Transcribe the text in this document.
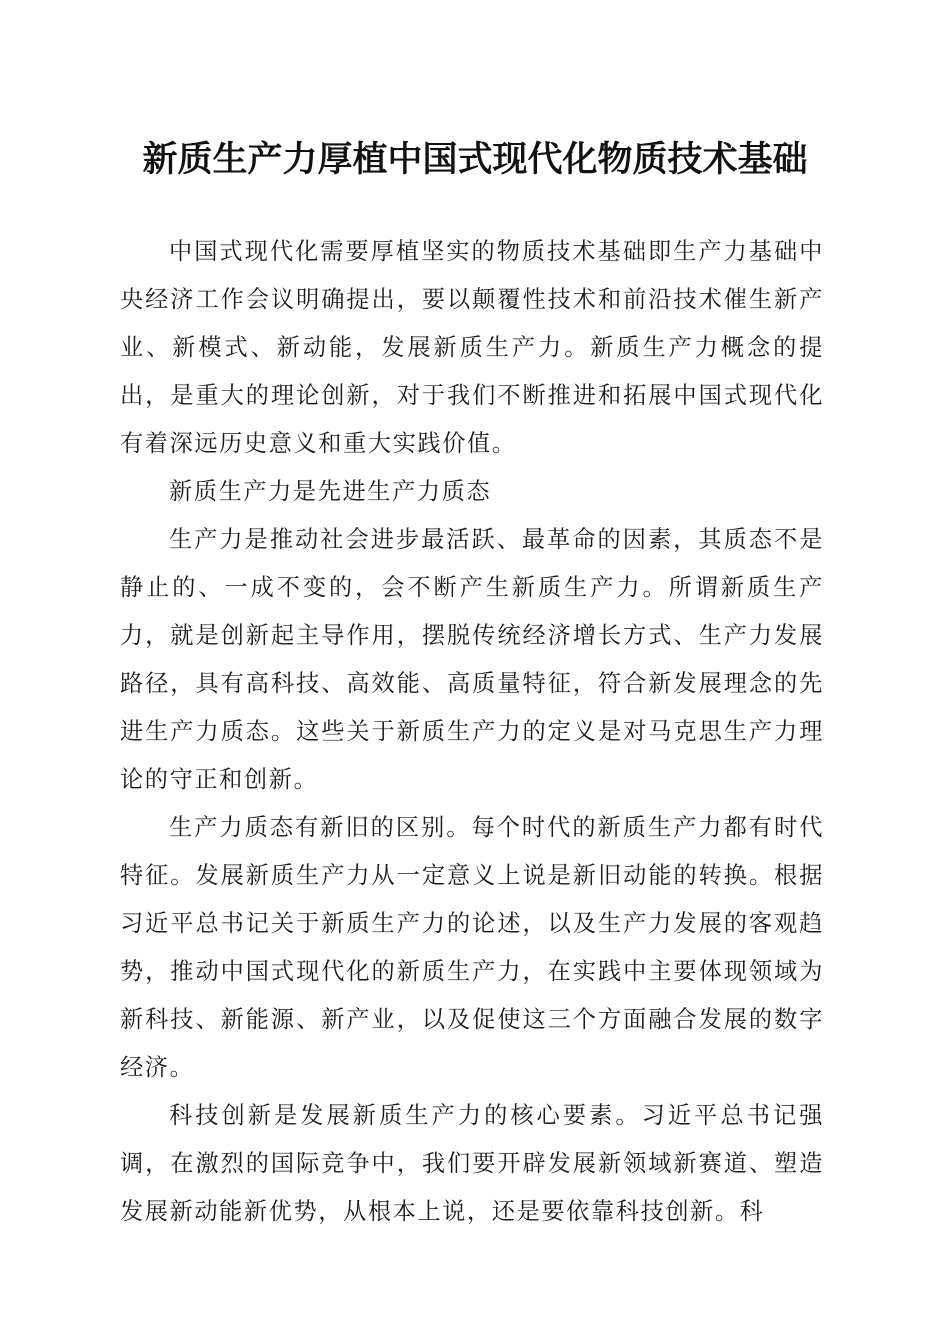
新质生产力厚植中国式现代化物质技术基础

中国式现代化需要厚植坚实的物质技术基础即生产力基础中央经济工作会议明确提出，要以颠覆性技术和前沿技术催生新产业、新模式、新动能，发展新质生产力。新质生产力概念的提出，是重大的理论创新，对于我们不断推进和拓展中国式现代化有着深远历史意义和重大实践价值。

新质生产力是先进生产力质态

生产力是推动社会进步最活跃、最革命的因素，其质态不是静止的、一成不变的，会不断产生新质生产力。所谓新质生产力，就是创新起主导作用，摆脱传统经济增长方式、生产力发展路径，具有高科技、高效能、高质量特征，符合新发展理念的先进生产力质态。这些关于新质生产力的定义是对马克思生产力理论的守正和创新。

生产力质态有新旧的区别。每个时代的新质生产力都有时代特征。发展新质生产力从一定意义上说是新旧动能的转换。根据习近平总书记关于新质生产力的论述，以及生产力发展的客观趋势，推动中国式现代化的新质生产力，在实践中主要体现领域为新科技、新能源、新产业，以及促使这三个方面融合发展的数字经济。

科技创新是发展新质生产力的核心要素。习近平总书记强调，在激烈的国际竞争中，我们要开辟发展新领域新赛道、塑造发展新动能新优势，从根本上说，还是要依靠科技创新。科
